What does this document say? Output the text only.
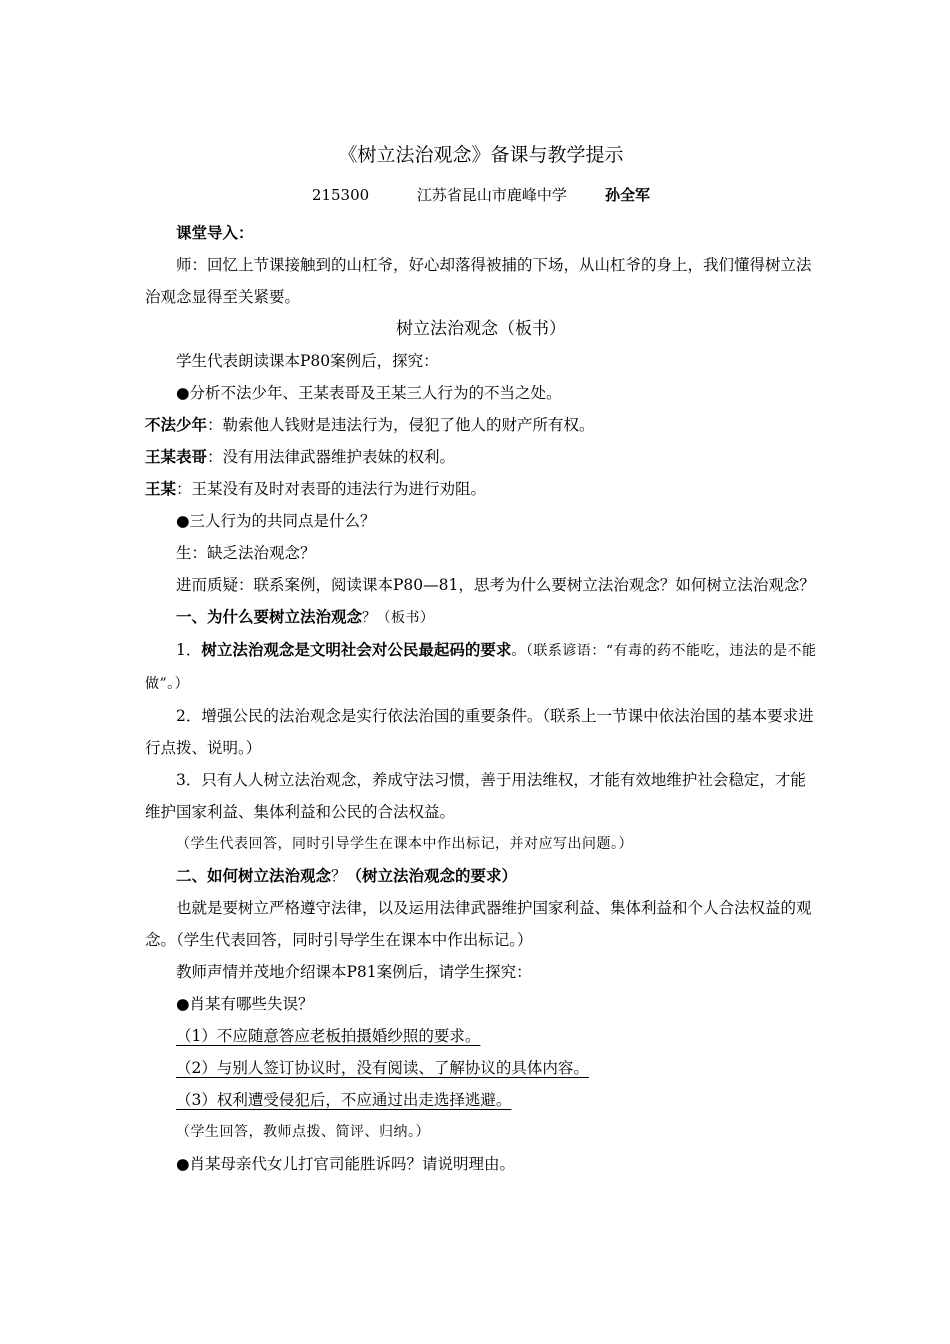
《树立法治观念》备课与教学提示
215300	江苏省昆山市鹿峰中学	孙全军

课堂导入：

师：回忆上节课接触到的山杠爷，好心却落得被捕的下场，从山杠爷的身上，我们懂得树立法治观念显得至关紧要。

树立法治观念（板书）

学生代表朗读课本P80案例后，探究：

●分析不法少年、王某表哥及王某三人行为的不当之处。

不法少年：勒索他人钱财是违法行为，侵犯了他人的财产所有权。

王某表哥：没有用法律武器维护表妹的权利。

王某：王某没有及时对表哥的违法行为进行劝阻。

●三人行为的共同点是什么？

生：缺乏法治观念？

进而质疑：联系案例，阅读课本P80—81，思考为什么要树立法治观念？如何树立法治观念？

一、为什么要树立法治观念？（板书）

1．树立法治观念是文明社会对公民最起码的要求。（联系谚语：“有毒的药不能吃，违法的是不能做”。）

2．增强公民的法治观念是实行依法治国的重要条件。（联系上一节课中依法治国的基本要求进行点拨、说明。）

3．只有人人树立法治观念，养成守法习惯，善于用法维权，才能有效地维护社会稳定，才能维护国家利益、集体利益和公民的合法权益。

（学生代表回答，同时引导学生在课本中作出标记，并对应写出问题。）

二、如何树立法治观念？（树立法治观念的要求）

也就是要树立严格遵守法律，以及运用法律武器维护国家利益、集体利益和个人合法权益的观念。（学生代表回答，同时引导学生在课本中作出标记。）

教师声情并茂地介绍课本P81案例后，请学生探究：

●肖某有哪些失误？

（1）不应随意答应老板拍摄婚纱照的要求。

（2）与别人签订协议时，没有阅读、了解协议的具体内容。

（3）权利遭受侵犯后，不应通过出走选择逃避。

（学生回答，教师点拨、简评、归纳。）

●肖某母亲代女儿打官司能胜诉吗？请说明理由。
